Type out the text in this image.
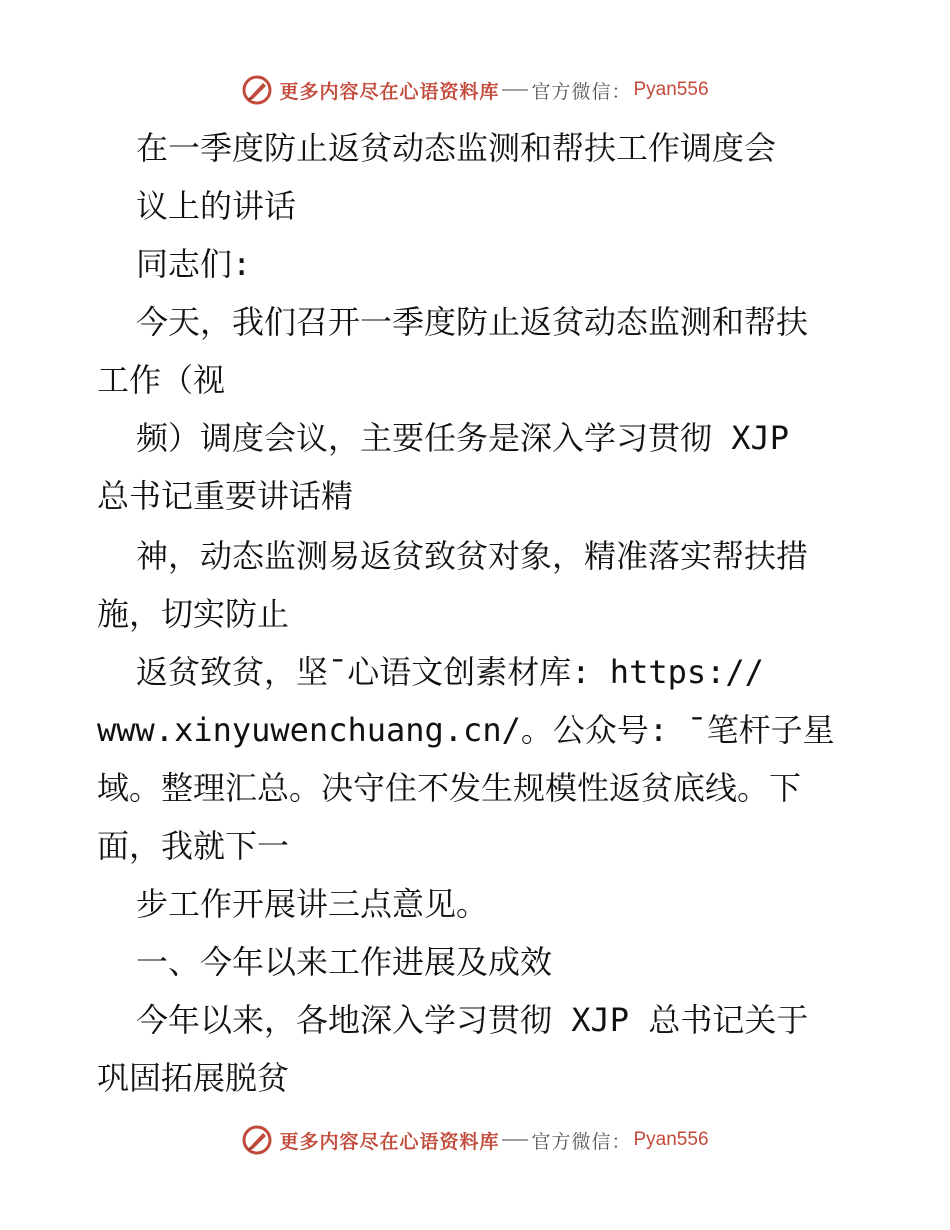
更多内容尽在心语资料库 官方微信： Pyan556
在一季度防止返贫动态监测和帮扶工作调度会
议上的讲话
同志们:
今天，我们召开一季度防止返贫动态监测和帮扶
工作（视
频）调度会议，主要任务是深入学习贯彻 XJP
总书记重要讲话精
神，动态监测易返贫致贫对象，精准落实帮扶措
施，切实防止
返贫致贫，坚¯心语文创素材库: https://
www.xinyuwenchuang.cn/。公众号: ¯笔杆子星
域。整理汇总。决守住不发生规模性返贫底线。下
面，我就下一
步工作开展讲三点意见。
一、今年以来工作进展及成效
今年以来，各地深入学习贯彻 XJP 总书记关于
巩固拓展脱贫
更多内容尽在心语资料库 官方微信： Pyan556
